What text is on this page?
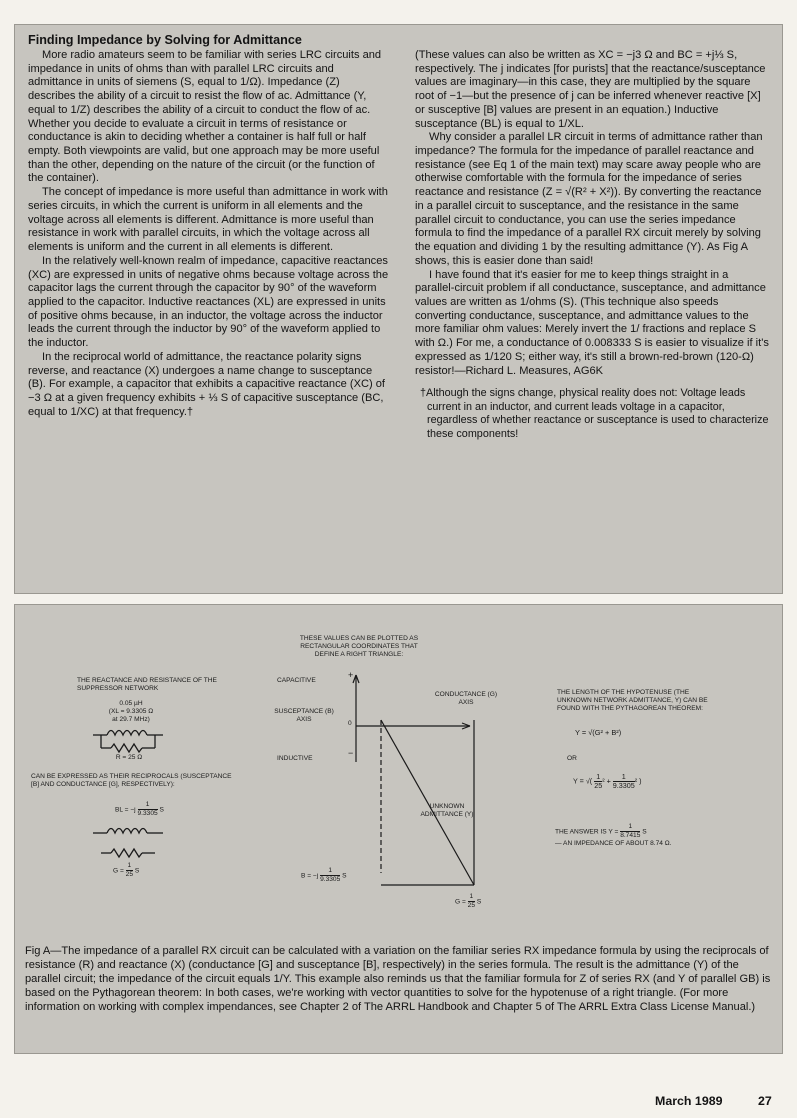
Finding Impedance by Solving for Admittance

More radio amateurs seem to be familiar with series LRC circuits and impedance in units of ohms than with parallel LRC circuits and admittance in units of siemens (S, equal to 1/Ω). Impedance (Z) describes the ability of a circuit to resist the flow of ac. Admittance (Y, equal to 1/Z) describes the ability of a circuit to conduct the flow of ac. Whether you decide to evaluate a circuit in terms of resistance or conductance is akin to deciding whether a container is half full or half empty. Both viewpoints are valid, but one approach may be more useful than the other, depending on the nature of the circuit (or the function of the container).

The concept of impedance is more useful than admittance in work with series circuits, in which the current is uniform in all elements and the voltage across all elements is different. Admittance is more useful than resistance in work with parallel circuits, in which the voltage across all elements is uniform and the current in all elements is different.

In the relatively well-known realm of impedance, capacitive reactances (XC) are expressed in units of negative ohms because voltage across the capacitor lags the current through the capacitor by 90° of the waveform applied to the capacitor. Inductive reactances (XL) are expressed in units of positive ohms because, in an inductor, the voltage across the inductor leads the current through the inductor by 90° of the waveform applied to the inductor.

In the reciprocal world of admittance, the reactance polarity signs reverse, and reactance (X) undergoes a name change to susceptance (B). For example, a capacitor that exhibits a capacitive reactance (XC) of −3 Ω at a given frequency exhibits + ⅓ S of capacitive susceptance (BC, equal to 1/XC) at that frequency.†

(These values can also be written as XC = −j3 Ω and BC = +j⅓ S, respectively. The j indicates [for purists] that the reactance/susceptance values are imaginary—in this case, they are multiplied by the square root of −1—but the presence of j can be inferred whenever reactive [X] or susceptive [B] values are present in an equation.) Inductive susceptance (BL) is equal to 1/XL.

Why consider a parallel LR circuit in terms of admittance rather than impedance? The formula for the impedance of parallel reactance and resistance (see Eq 1 of the main text) may scare away people who are otherwise comfortable with the formula for the impedance of series reactance and resistance (Z = √(R² + X²)). By converting the reactance in a parallel circuit to susceptance, and the resistance in the same parallel circuit to conductance, you can use the series impedance formula to find the impedance of a parallel RX circuit merely by solving the equation and dividing 1 by the resulting admittance (Y). As Fig A shows, this is easier done than said!

I have found that it's easier for me to keep things straight in a parallel-circuit problem if all conductance, susceptance, and admittance values are written as 1/ohms (S). (This technique also speeds converting conductance, susceptance, and admittance values to the more familiar ohm values: Merely invert the 1/ fractions and replace S with Ω.) For me, a conductance of 0.008333 S is easier to visualize if it's expressed as 1/120 S; either way, it's still a brown-red-brown (120-Ω) resistor!—Richard L. Measures, AG6K

†Although the signs change, physical reality does not: Voltage leads current in an inductor, and current leads voltage in a capacitor, regardless of whether reactance or susceptance is used to characterize these components!

THE REACTANCE AND RESISTANCE OF THE SUPPRESSOR NETWORK
0.05 µH
(XL = 9.3305 Ω
at 29.7 MHz)
R = 25 Ω
CAN BE EXPRESSED AS THEIR RECIPROCALS (SUSCEPTANCE [B] AND CONDUCTANCE [G], RESPECTIVELY):
BL = $-j \frac{1}{9.3305}$ S
$G = \frac{1}{25}$ S
THESE VALUES CAN BE PLOTTED AS RECTANGULAR COORDINATES THAT DEFINE A RIGHT TRIANGLE:
CAPACITIVE
SUSCEPTANCE (B) AXIS
INDUCTIVE
+
−
0
CONDUCTANCE (G) AXIS
UNKNOWN ADMITTANCE (Y)
$B = -j \frac{1}{9.3305}$ S
$G = \frac{1}{25}$ S
THE LENGTH OF THE HYPOTENUSE (THE UNKNOWN NETWORK ADMITTANCE, Y) CAN BE FOUND WITH THE PYTHAGOREAN THEOREM:
Y = √(G² + B²)
OR
Y = √( $\frac{1}{25} ^2 + \frac{1}{9.3305} ^2$ )
THE ANSWER IS $Y = \frac{1}{8.7415}$ S
— AN IMPEDANCE OF ABOUT 8.74 Ω.
Fig A—The impedance of a parallel RX circuit can be calculated with a variation on the familiar series RX impedance formula by using the reciprocals of resistance (R) and reactance (X) (conductance [G] and susceptance [B], respectively) in the series formula. The result is the admittance (Y) of the parallel circuit; the impedance of the circuit equals 1/Y. This example also reminds us that the familiar formula for Z of series RX (and Y of parallel GB) is based on the Pythagorean theorem: In both cases, we're working with vector quantities to solve for the hypotenuse of a right triangle. (For more information on working with complex impendances, see Chapter 2 of The ARRL Handbook and Chapter 5 of The ARRL Extra Class License Manual.)
March 1989	27
